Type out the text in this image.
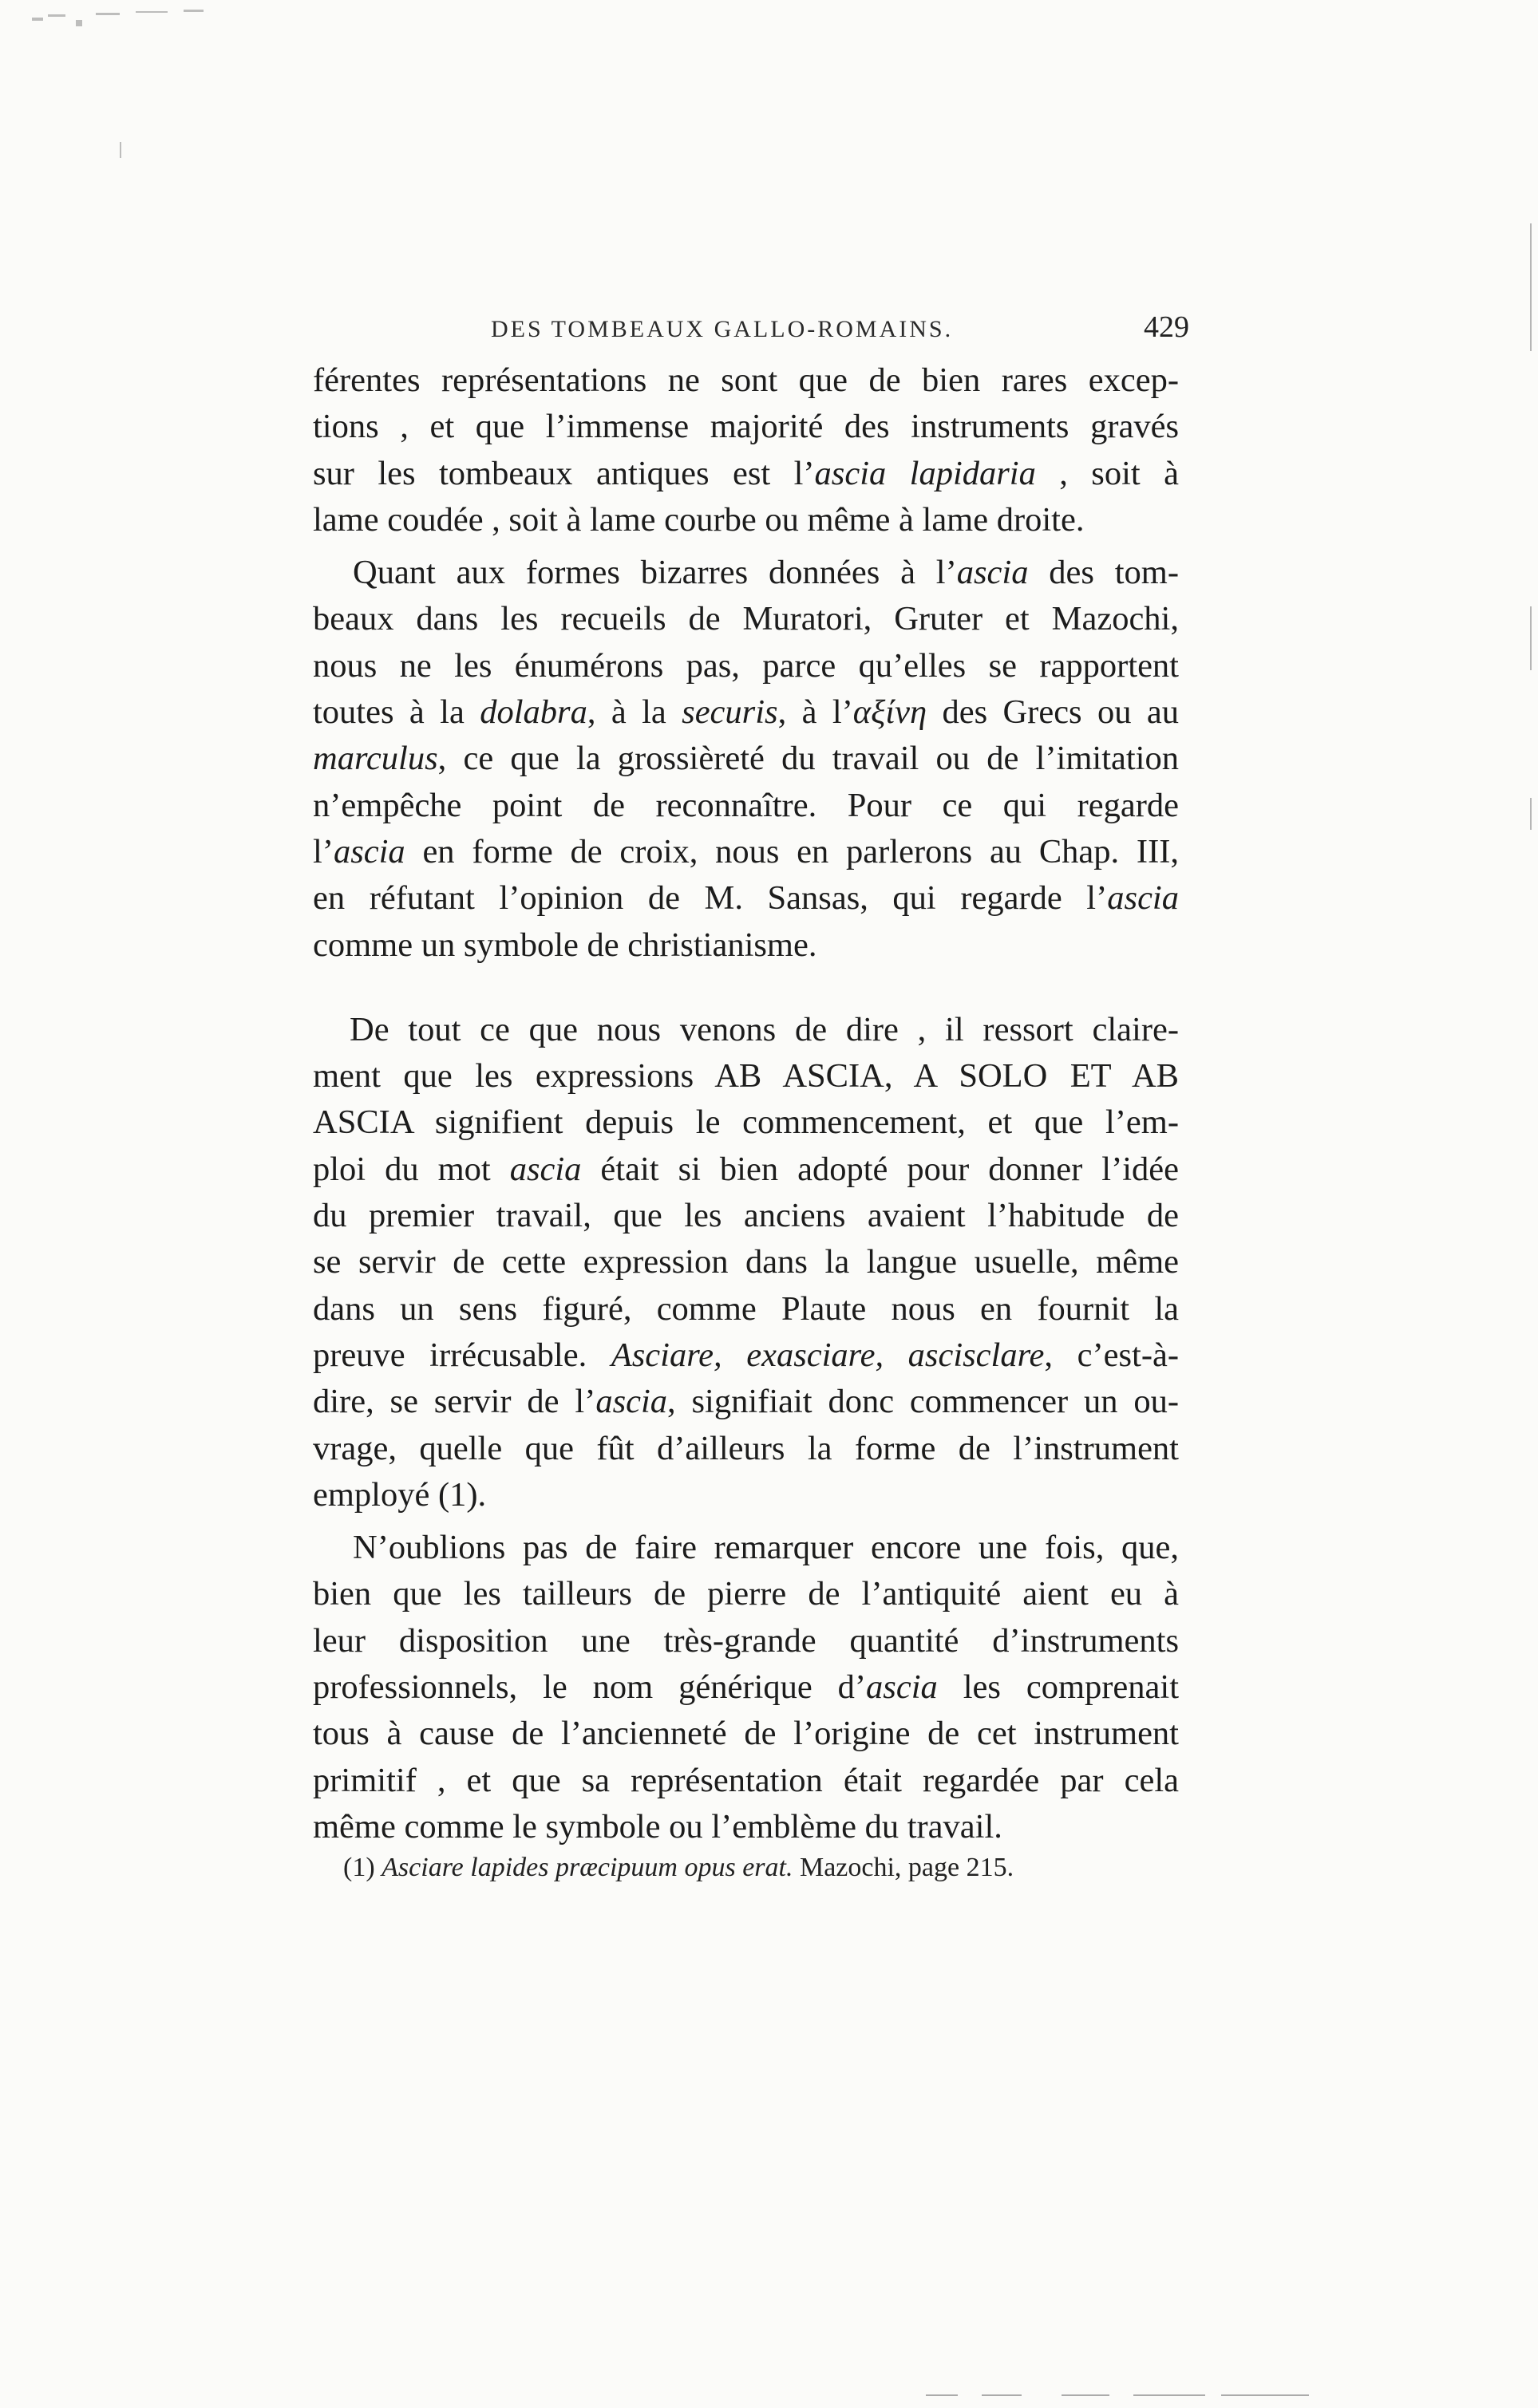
DES TOMBEAUX GALLO-ROMAINS.	429

férentes représentations ne sont que de bien rares excep-
tions , et que l’immense majorité des instruments gravés
sur les tombeaux antiques est l’ascia lapidaria , soit à
lame coudée , soit à lame courbe ou même à lame droite.

Quant aux formes bizarres données à l’ascia des tom-
beaux dans les recueils de Muratori, Gruter et Mazochi,
nous ne les énumérons pas, parce qu’elles se rapportent
toutes à la dolabra, à la securis, à l’αξίνη des Grecs ou au
marculus, ce que la grossièreté du travail ou de l’imitation
n’empêche point de reconnaître. Pour ce qui regarde
l’ascia en forme de croix, nous en parlerons au Chap. III,
en réfutant l’opinion de M. Sansas, qui regarde l’ascia
comme un symbole de christianisme.

De tout ce que nous venons de dire , il ressort claire-
ment que les expressions AB ASCIA, A SOLO ET AB
ASCIA signifient depuis le commencement, et que l’em-
ploi du mot ascia était si bien adopté pour donner l’idée
du premier travail, que les anciens avaient l’habitude de
se servir de cette expression dans la langue usuelle, même
dans un sens figuré, comme Plaute nous en fournit la
preuve irrécusable. Asciare, exasciare, ascisclare, c’est-à-
dire, se servir de l’ascia, signifiait donc commencer un ou-
vrage, quelle que fût d’ailleurs la forme de l’instrument
employé (1).

N’oublions pas de faire remarquer encore une fois, que,
bien que les tailleurs de pierre de l’antiquité aient eu à
leur disposition une très-grande quantité d’instruments
professionnels, le nom générique d’ascia les comprenait
tous à cause de l’ancienneté de l’origine de cet instrument
primitif , et que sa représentation était regardée par cela
même comme le symbole ou l’emblème du travail.

(1) Asciare lapides præcipuum opus erat. Mazochi, page 215.
